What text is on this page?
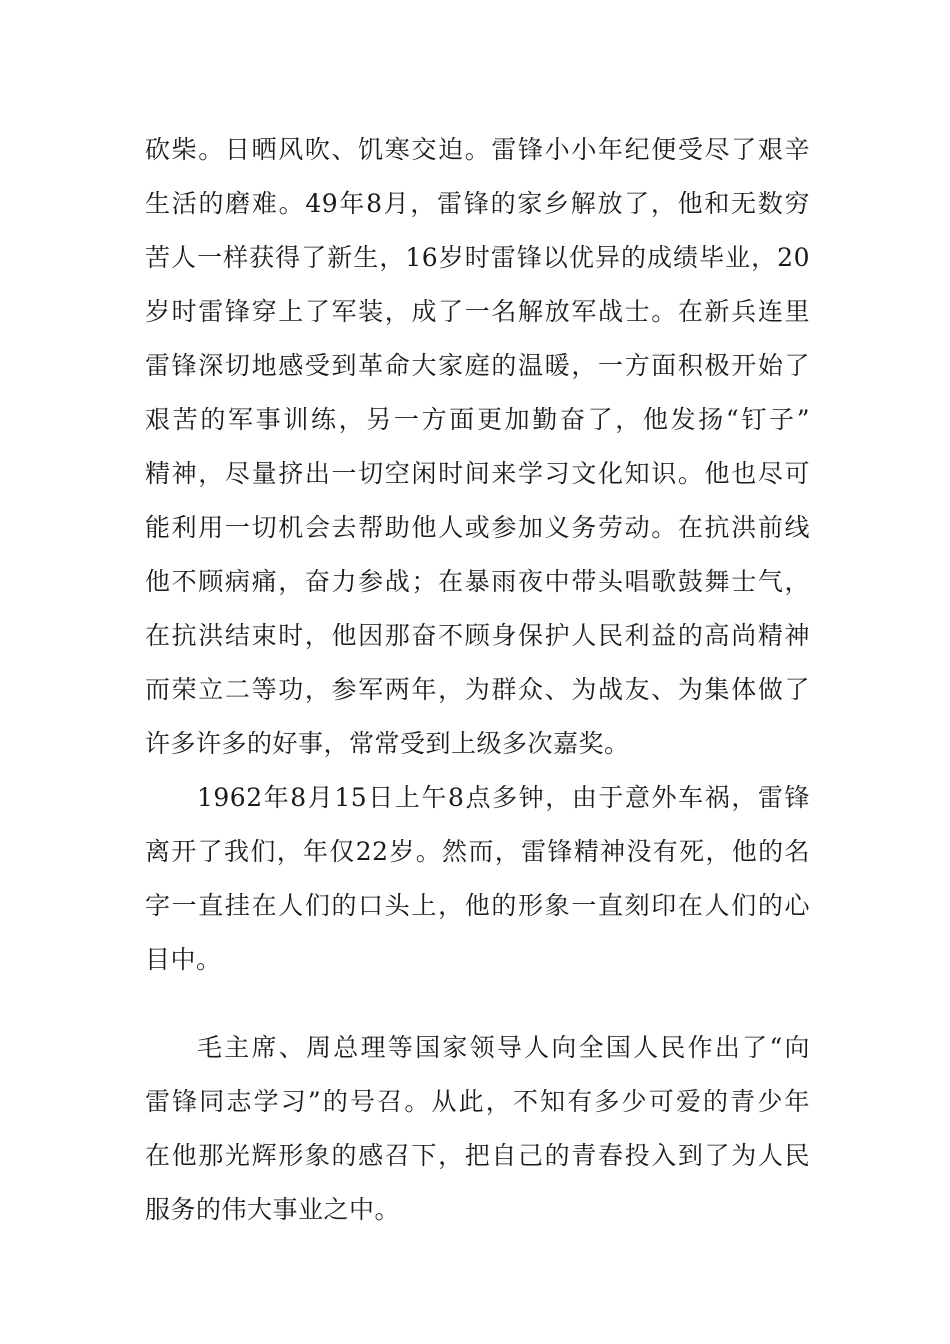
砍柴。日晒风吹、饥寒交迫。雷锋小小年纪便受尽了艰辛
生活的磨难。49年8月，雷锋的家乡解放了，他和无数穷
苦人一样获得了新生，16岁时雷锋以优异的成绩毕业，20
岁时雷锋穿上了军装，成了一名解放军战士。在新兵连里
雷锋深切地感受到革命大家庭的温暖，一方面积极开始了
艰苦的军事训练，另一方面更加勤奋了，他发扬“钉子”
精神，尽量挤出一切空闲时间来学习文化知识。他也尽可
能利用一切机会去帮助他人或参加义务劳动。在抗洪前线
他不顾病痛，奋力参战；在暴雨夜中带头唱歌鼓舞士气，
在抗洪结束时，他因那奋不顾身保护人民利益的高尚精神
而荣立二等功，参军两年，为群众、为战友、为集体做了
许多许多的好事，常常受到上级多次嘉奖。
1962年8月15日上午8点多钟，由于意外车祸，雷锋
离开了我们，年仅22岁。然而，雷锋精神没有死，他的名
字一直挂在人们的口头上，他的形象一直刻印在人们的心
目中。
毛主席、周总理等国家领导人向全国人民作出了“向
雷锋同志学习”的号召。从此，不知有多少可爱的青少年
在他那光辉形象的感召下，把自己的青春投入到了为人民
服务的伟大事业之中。
